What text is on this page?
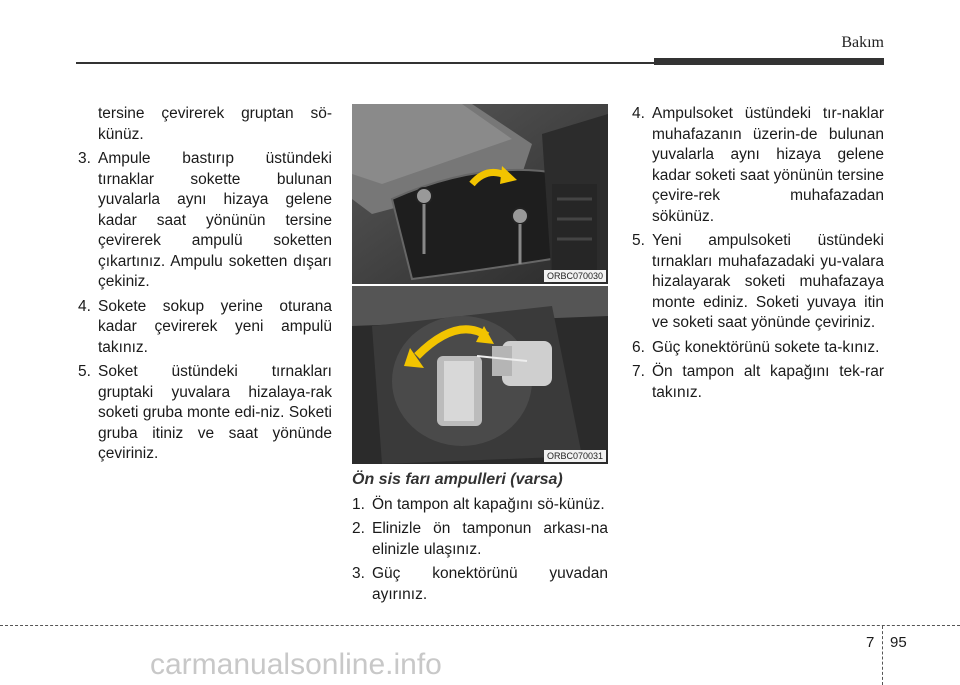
Bakım
tersine çevirerek gruptan sö-künüz.
3. Ampule bastırıp üstündeki tırnaklar sokette bulunan yuvalarla aynı hizaya gelene kadar saat yönünün tersine çevirerek ampulü soketten çıkartınız. Ampulu soketten dışarı çekiniz.
4. Sokete sokup yerine oturana kadar çevirerek yeni ampulü takınız.
5. Soket üstündeki tırnakları gruptaki yuvalara hizalaya-rak soketi gruba monte edi-niz. Soketi gruba itiniz ve saat yönünde çeviriniz.
ORBC070030
ORBC070031
Ön sis farı ampulleri (varsa)
1. Ön tampon alt kapağını sö-künüz.
2. Elinizle ön tamponun arkası-na elinizle ulaşınız.
3. Güç konektörünü yuvadan ayırınız.
4. Ampulsoket üstündeki tır-naklar muhafazanın üzerin-de bulunan yuvalarla aynı hizaya gelene kadar soketi saat yönünün tersine çevire-rek muhafazadan sökünüz.
5. Yeni ampulsoketi üstündeki tırnakları muhafazadaki yu-valara hizalayarak soketi muhafazaya monte ediniz. Soketi yuvaya itin ve soketi saat yönünde çeviriniz.
6. Güç konektörünü sokete ta-kınız.
7. Ön tampon alt kapağını tek-rar takınız.
7 95
carmanualsonline.info
